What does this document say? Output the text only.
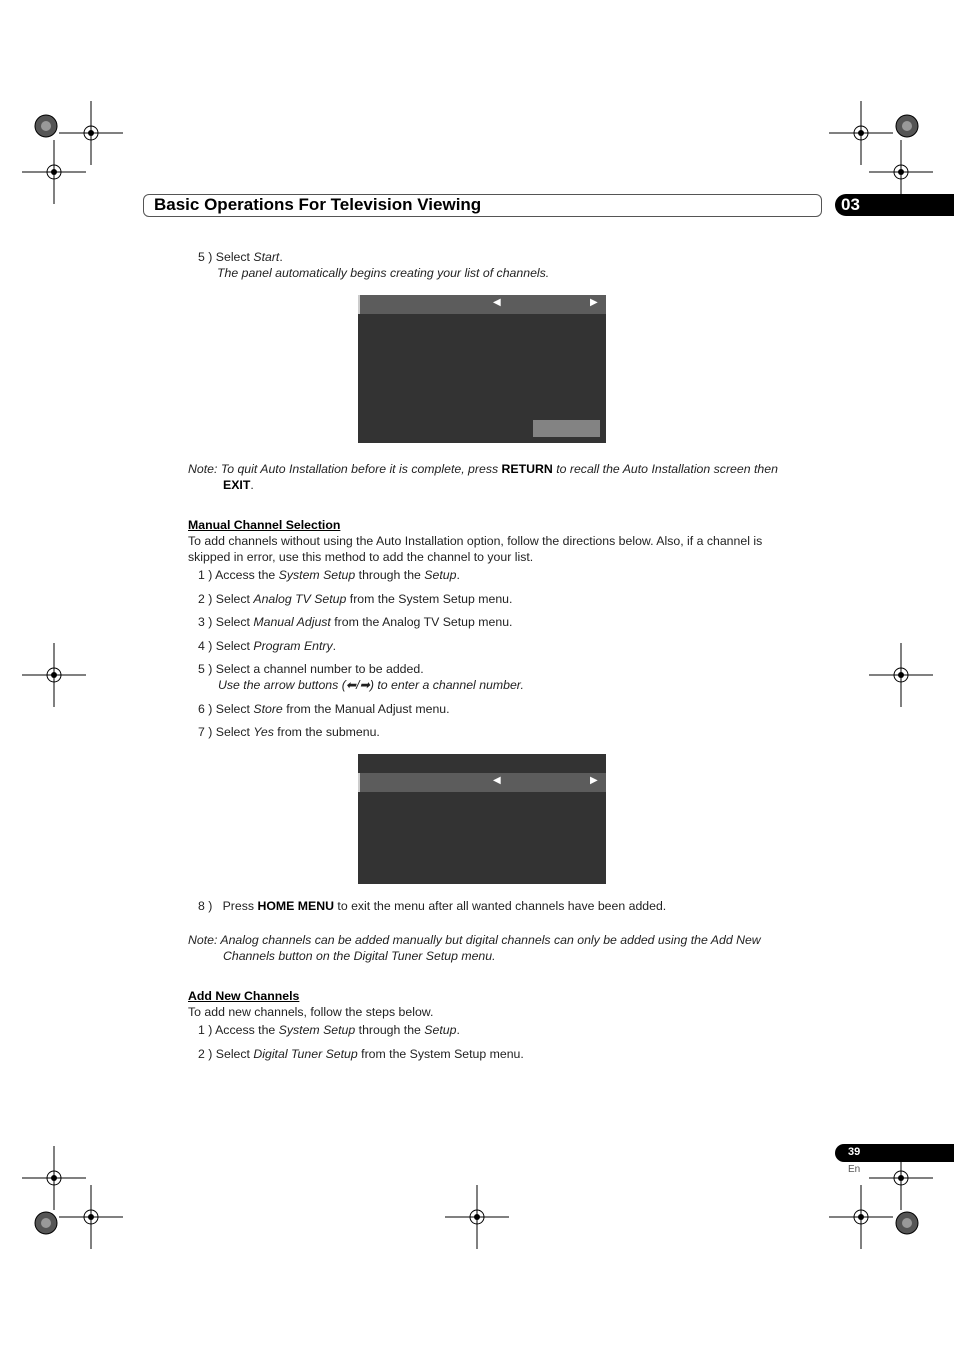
Basic Operations For Television Viewing	03
5 ) Select Start.
The panel automatically begins creating your list of channels.
◀	▶
Note: To quit Auto Installation before it is complete, press RETURN to recall the Auto Installation screen then
EXIT.
Manual Channel Selection
To add channels without using the Auto Installation option, follow the directions below. Also, if a channel is
skipped in error, use this method to add the channel to your list.
1 ) Access the System Setup through the Setup.
2 ) Select Analog TV Setup from the System Setup menu.
3 ) Select Manual Adjust from the Analog TV Setup menu.
4 ) Select Program Entry.
5 ) Select a channel number to be added.
Use the arrow buttons (⬅/➡) to enter a channel number.
6 ) Select Store from the Manual Adjust menu.
7 ) Select Yes from the submenu.
◀	▶
8 ) Press HOME MENU to exit the menu after all wanted channels have been added.
Note: Analog channels can be added manually but digital channels can only be added using the Add New
Channels button on the Digital Tuner Setup menu.
Add New Channels
To add new channels, follow the steps below.
1 ) Access the System Setup through the Setup.
2 ) Select Digital Tuner Setup from the System Setup menu.
39
En
